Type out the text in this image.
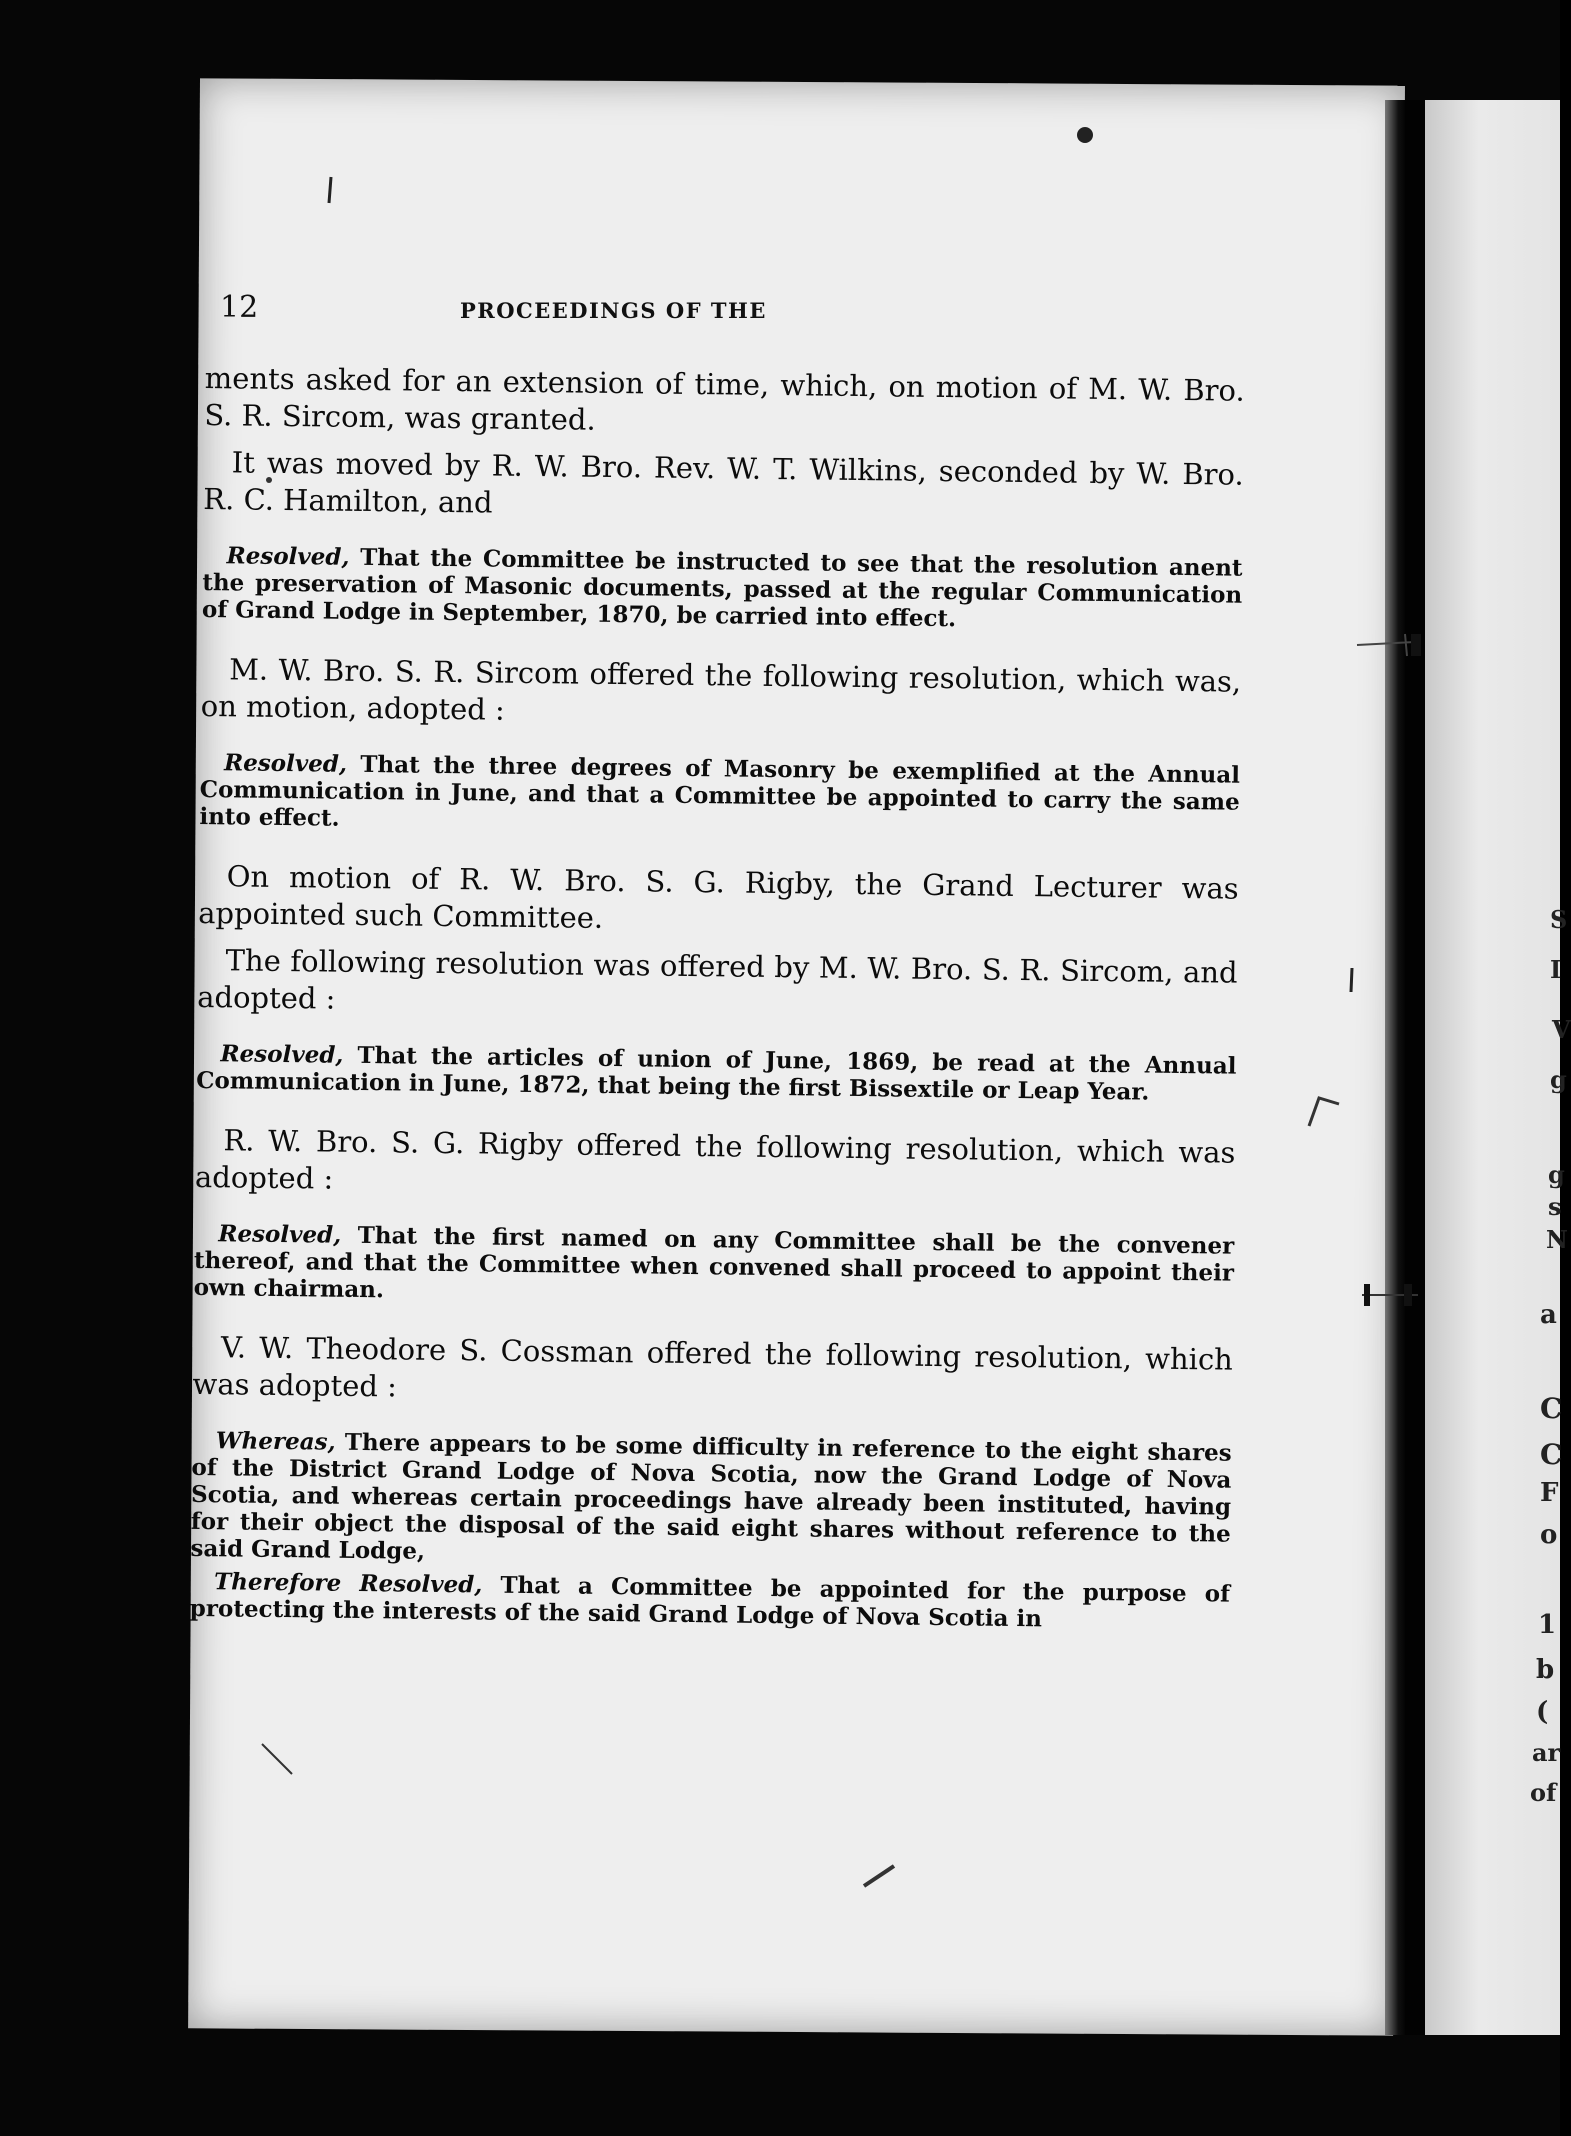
S
I
V
g
g
s
N
a
C
C
F
o
1
b
(
ar
of
12	PROCEEDINGS OF THE

ments asked for an extension of time, which, on motion of M. W. Bro. S. R. Sircom, was granted.

It was moved by R. W. Bro. Rev. W. T. Wilkins, seconded by W. Bro. R. C. Hamilton, and

Resolved, That the Committee be instructed to see that the resolution anent the preservation of Masonic documents, passed at the regular Communication of Grand Lodge in September, 1870, be carried into effect.

M. W. Bro. S. R. Sircom offered the following resolution, which was, on motion, adopted :

Resolved, That the three degrees of Masonry be exemplified at the Annual Communication in June, and that a Committee be appointed to carry the same into effect.

On motion of R. W. Bro. S. G. Rigby, the Grand Lecturer was appointed such Committee.

The following resolution was offered by M. W. Bro. S. R. Sircom, and adopted :

Resolved, That the articles of union of June, 1869, be read at the Annual Communication in June, 1872, that being the first Bissextile or Leap Year.

R. W. Bro. S. G. Rigby offered the following resolution, which was adopted :

Resolved, That the first named on any Committee shall be the convener thereof, and that the Committee when convened shall proceed to appoint their own chairman.

V. W. Theodore S. Cossman offered the following resolution, which was adopted :

Whereas, There appears to be some difficulty in reference to the eight shares of the District Grand Lodge of Nova Scotia, now the Grand Lodge of Nova Scotia, and whereas certain proceedings have already been instituted, having for their object the disposal of the said eight shares without reference to the said Grand Lodge,

Therefore Resolved, That a Committee be appointed for the purpose of protecting the interests of the said Grand Lodge of Nova Scotia in
